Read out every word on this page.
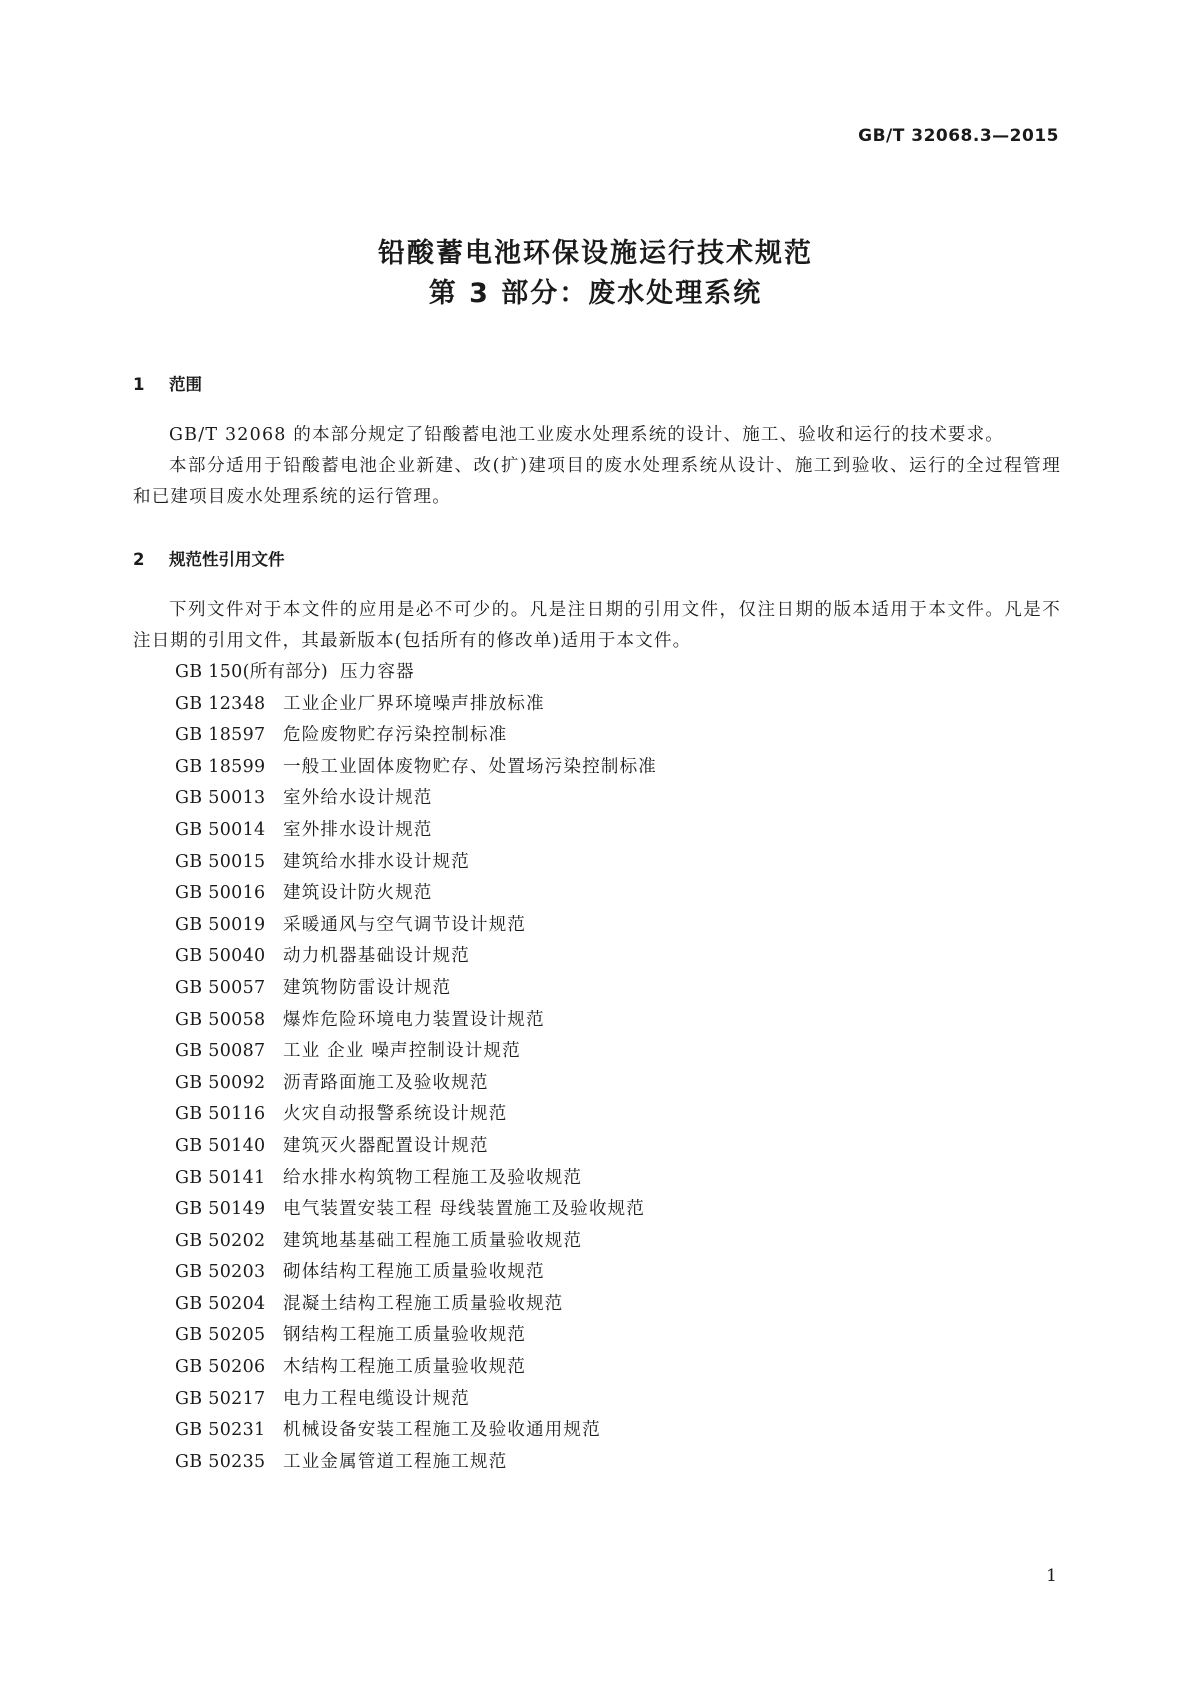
GB/T 32068.3—2015

铅酸蓄电池环保设施运行技术规范
第 3 部分：废水处理系统
1 范围

GB/T 32068 的本部分规定了铅酸蓄电池工业废水处理系统的设计、施工、验收和运行的技术要求。

本部分适用于铅酸蓄电池企业新建、改(扩)建项目的废水处理系统从设计、施工到验收、运行的全过程管理和已建项目废水处理系统的运行管理。

2 规范性引用文件

下列文件对于本文件的应用是必不可少的。凡是注日期的引用文件，仅注日期的版本适用于本文件。凡是不注日期的引用文件，其最新版本(包括所有的修改单)适用于本文件。

GB 150(所有部分) 压力容器
GB 12348 工业企业厂界环境噪声排放标准
GB 18597 危险废物贮存污染控制标准
GB 18599 一般工业固体废物贮存、处置场污染控制标准
GB 50013 室外给水设计规范
GB 50014 室外排水设计规范
GB 50015 建筑给水排水设计规范
GB 50016 建筑设计防火规范
GB 50019 采暖通风与空气调节设计规范
GB 50040 动力机器基础设计规范
GB 50057 建筑物防雷设计规范
GB 50058 爆炸危险环境电力装置设计规范
GB 50087 工业 企业 噪声控制设计规范
GB 50092 沥青路面施工及验收规范
GB 50116 火灾自动报警系统设计规范
GB 50140 建筑灭火器配置设计规范
GB 50141 给水排水构筑物工程施工及验收规范
GB 50149 电气装置安装工程 母线装置施工及验收规范
GB 50202 建筑地基基础工程施工质量验收规范
GB 50203 砌体结构工程施工质量验收规范
GB 50204 混凝土结构工程施工质量验收规范
GB 50205 钢结构工程施工质量验收规范
GB 50206 木结构工程施工质量验收规范
GB 50217 电力工程电缆设计规范
GB 50231 机械设备安装工程施工及验收通用规范
GB 50235 工业金属管道工程施工规范

1
